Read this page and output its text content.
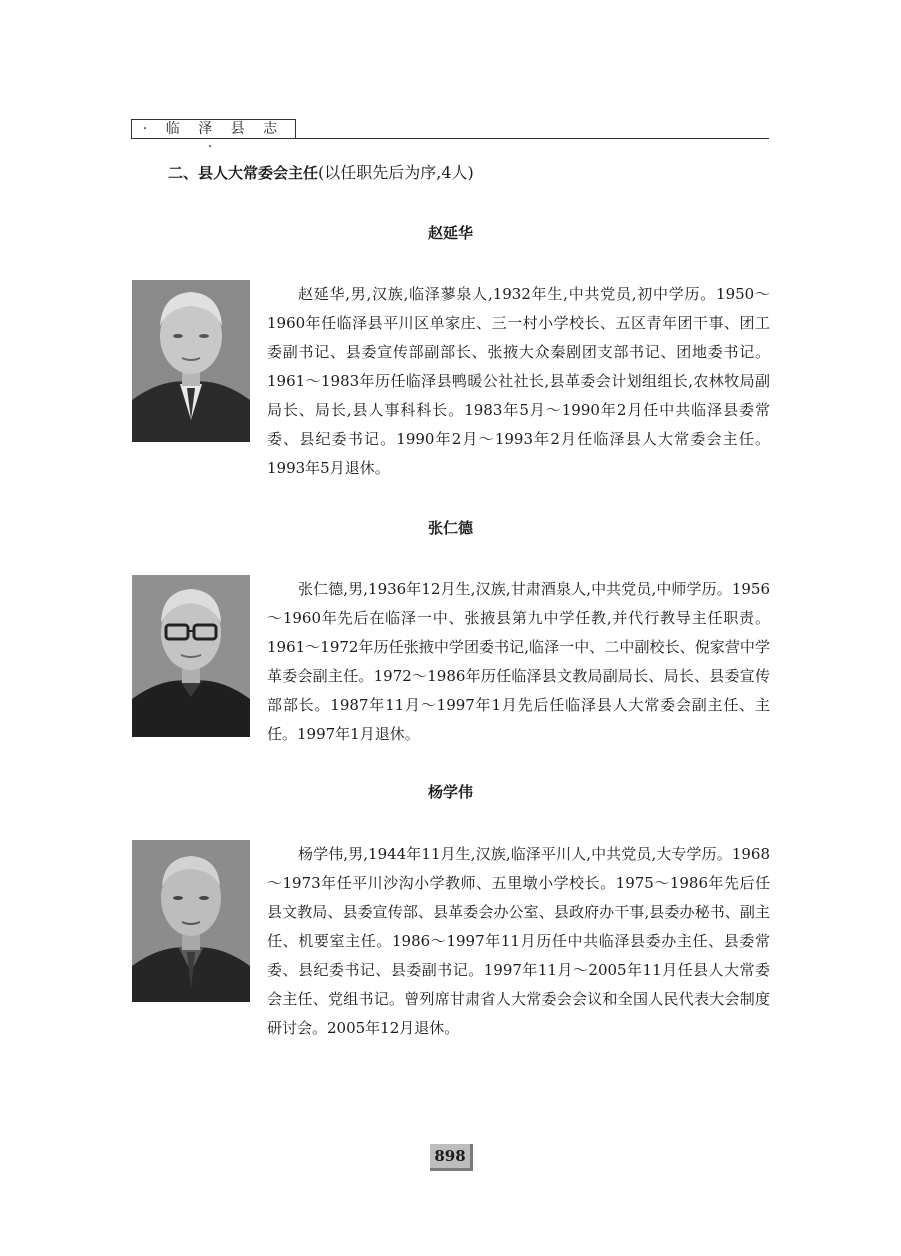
· 临 泽 县 志 ·
二、县人大常委会主任(以任职先后为序,4人)
赵延华

赵延华,男,汉族,临泽蓼泉人,1932年生,中共党员,初中学历。1950～1960年任临泽县平川区单家庄、三一村小学校长、五区青年团干事、团工委副书记、县委宣传部副部长、张掖大众秦剧团支部书记、团地委书记。1961～1983年历任临泽县鸭暖公社社长,县革委会计划组组长,农林牧局副局长、局长,县人事科科长。1983年5月～1990年2月任中共临泽县委常委、县纪委书记。1990年2月～1993年2月任临泽县人大常委会主任。1993年5月退休。

张仁德

张仁德,男,1936年12月生,汉族,甘肃酒泉人,中共党员,中师学历。1956～1960年先后在临泽一中、张掖县第九中学任教,并代行教导主任职责。1961～1972年历任张掖中学团委书记,临泽一中、二中副校长、倪家营中学革委会副主任。1972～1986年历任临泽县文教局副局长、局长、县委宣传部部长。1987年11月～1997年1月先后任临泽县人大常委会副主任、主任。1997年1月退休。

杨学伟

杨学伟,男,1944年11月生,汉族,临泽平川人,中共党员,大专学历。1968～1973年任平川沙沟小学教师、五里墩小学校长。1975～1986年先后任县文教局、县委宣传部、县革委会办公室、县政府办干事,县委办秘书、副主任、机要室主任。1986～1997年11月历任中共临泽县委办主任、县委常委、县纪委书记、县委副书记。1997年11月～2005年11月任县人大常委会主任、党组书记。曾列席甘肃省人大常委会会议和全国人民代表大会制度研讨会。2005年12月退休。

898
